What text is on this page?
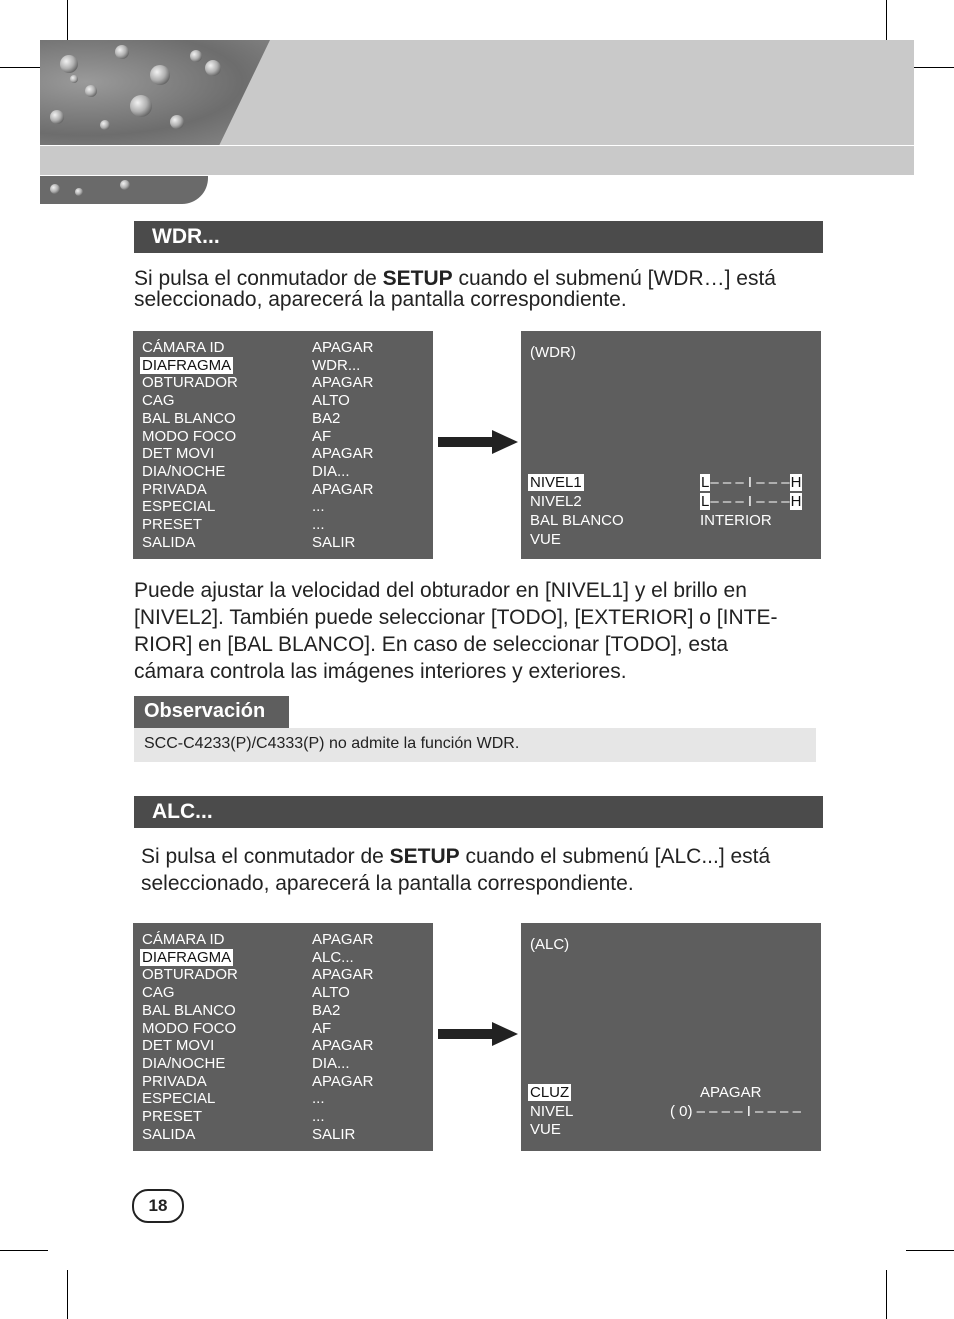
WDR...
Si pulsa el conmutador de SETUP cuando el submenú [WDR…] está
seleccionado, aparecerá la pantalla correspondiente.
CÁMARA ID	APAGAR
DIAFRAGMA	WDR...
OBTURADOR	APAGAR
CAG	ALTO
BAL BLANCO	BA2
MODO FOCO	AF
DET MOVI	APAGAR
DIA/NOCHE	DIA...
PRIVADA	APAGAR
ESPECIAL	...
PRESET	...
SALIDA	SALIR
(WDR)
NIVEL1	L– – – I – – –H
NIVEL2	L– – – I – – –H
BAL BLANCO	INTERIOR
VUE
Puede ajustar la velocidad del obturador en [NIVEL1] y el brillo en
[NIVEL2]. También puede seleccionar [TODO], [EXTERIOR] o [INTE-
RIOR] en [BAL BLANCO]. En caso de seleccionar [TODO], esta
cámara controla las imágenes interiores y exteriores.
Observación
SCC-C4233(P)/C4333(P) no admite la función WDR.
ALC...
Si pulsa el conmutador de SETUP cuando el submenú [ALC...] está
seleccionado, aparecerá la pantalla correspondiente.
CÁMARA ID	APAGAR
DIAFRAGMA	ALC...
OBTURADOR	APAGAR
CAG	ALTO
BAL BLANCO	BA2
MODO FOCO	AF
DET MOVI	APAGAR
DIA/NOCHE	DIA...
PRIVADA	APAGAR
ESPECIAL	...
PRESET	...
SALIDA	SALIR
(ALC)
CLUZ	APAGAR
NIVEL	( 0) – – – – I – – – –
VUE
18
